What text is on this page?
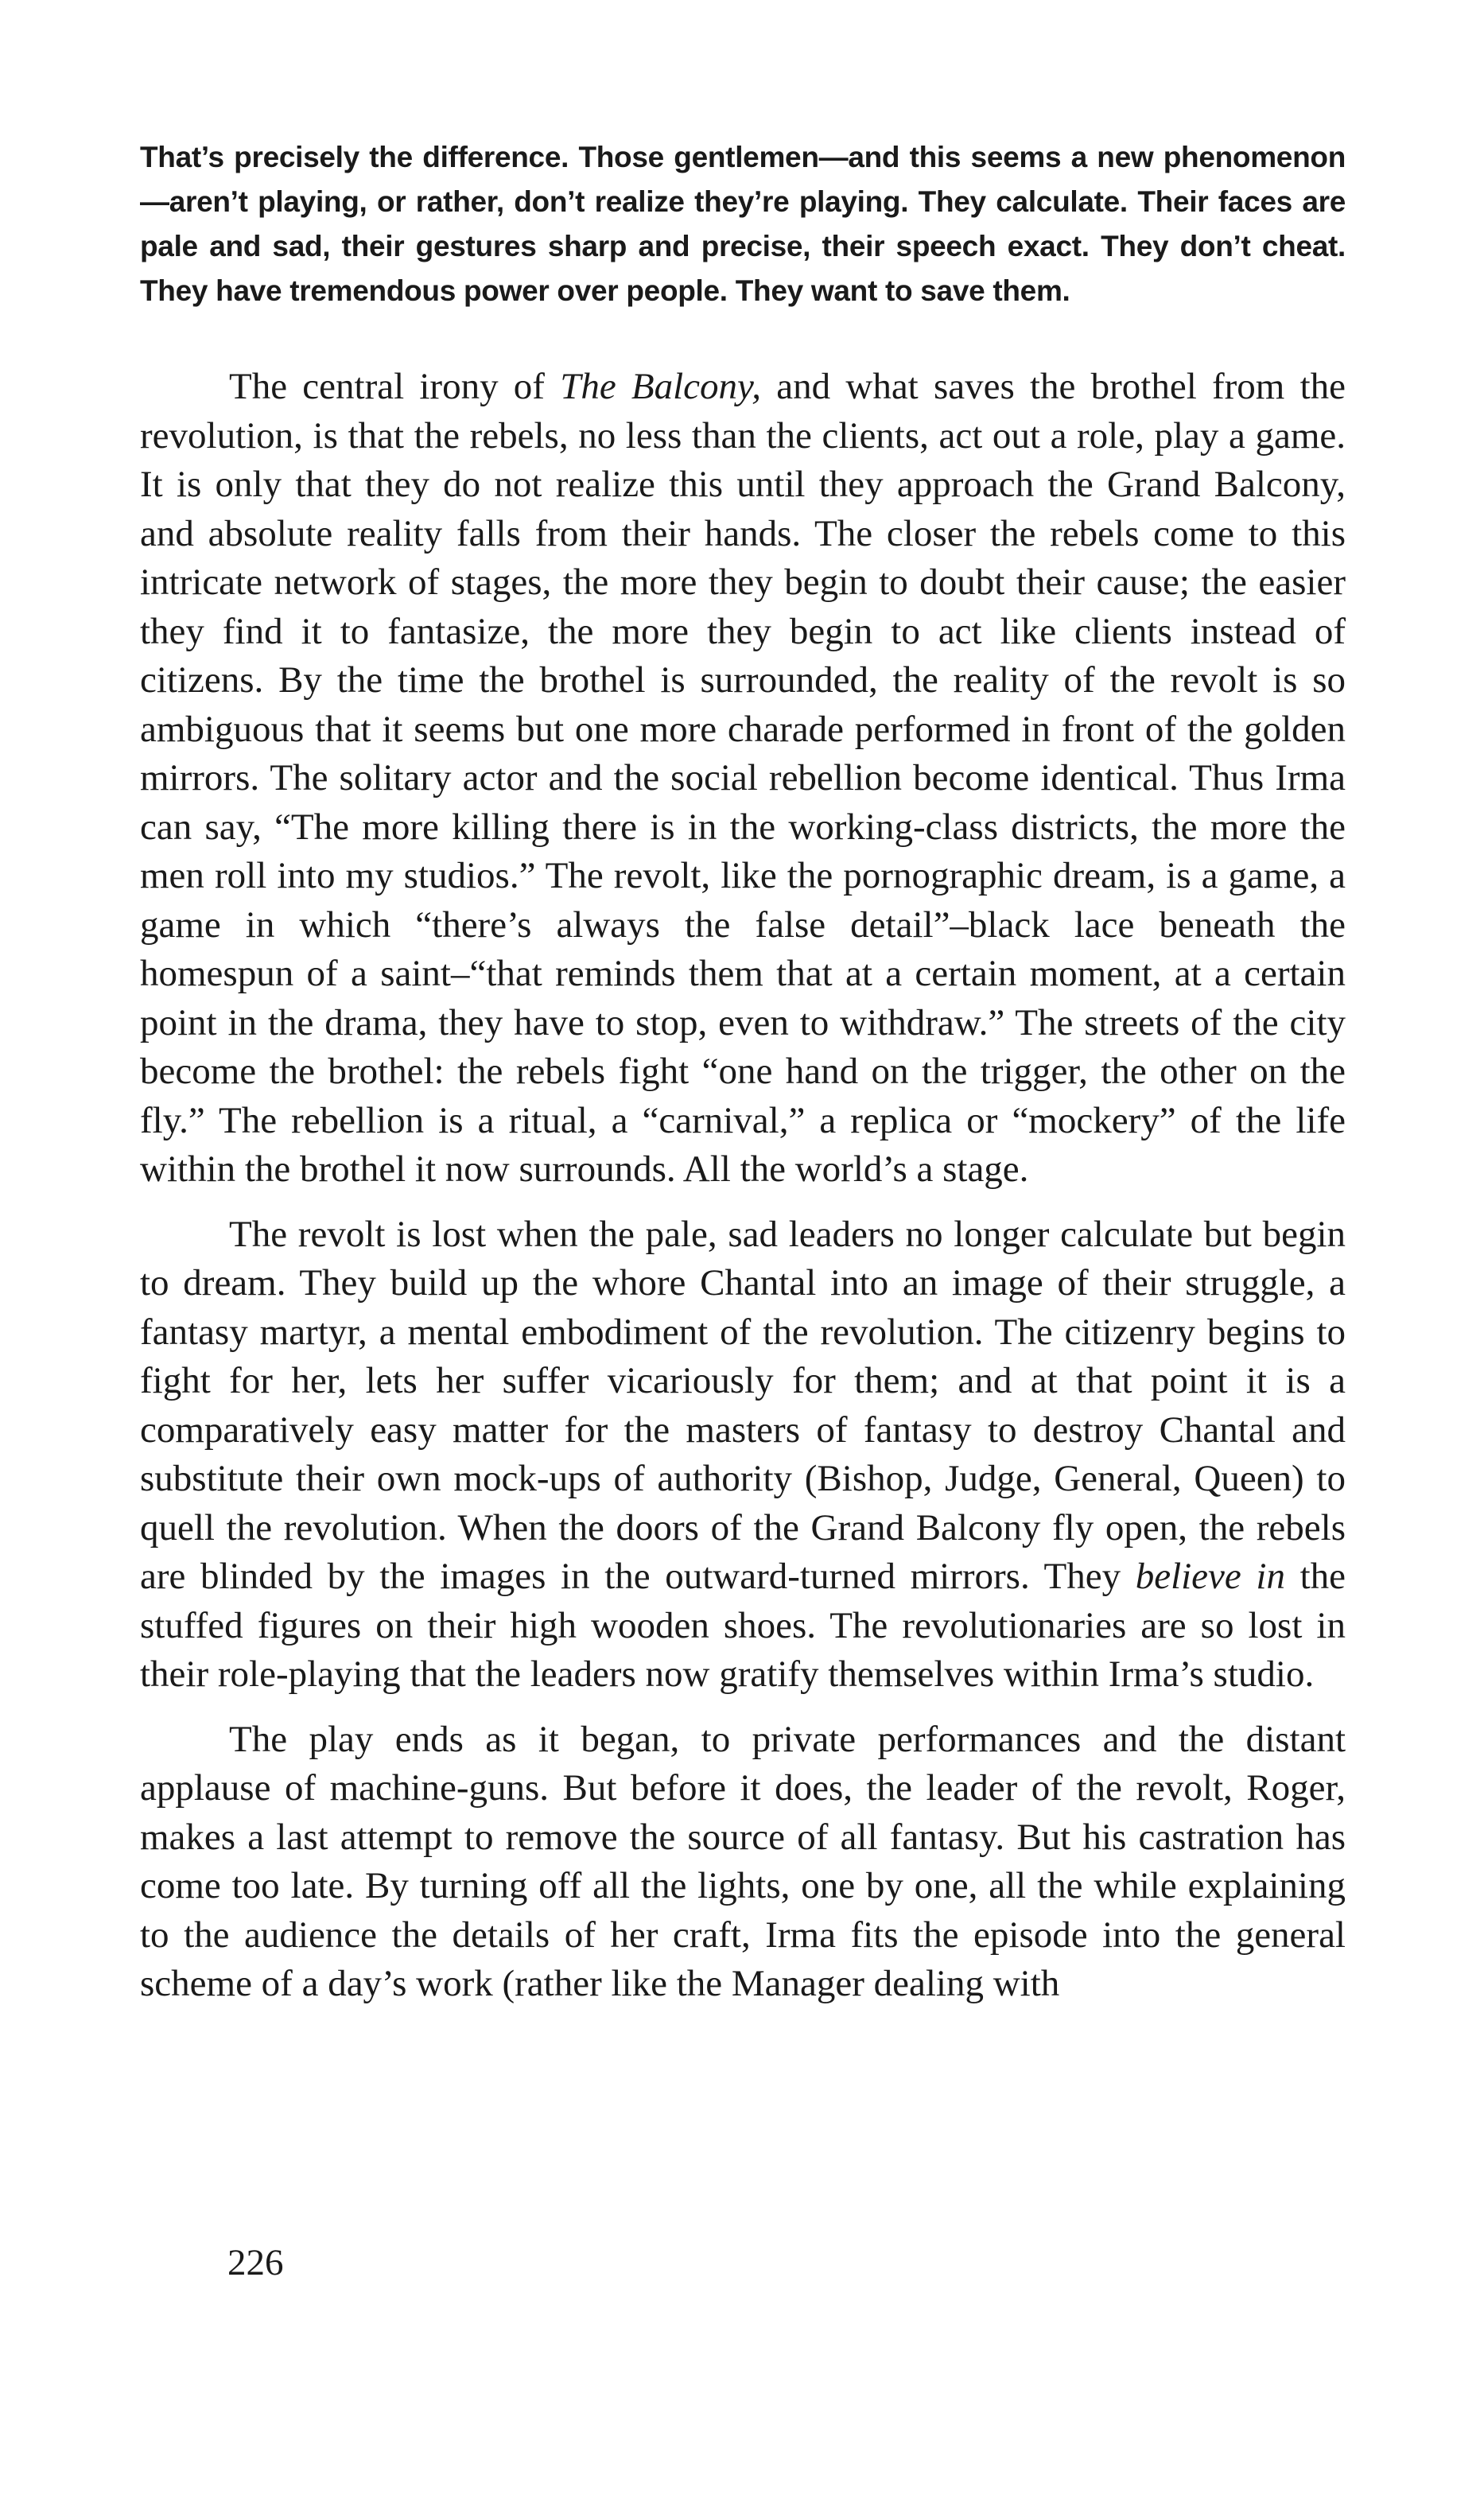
That’s precisely the difference. Those gentlemen—and this seems a new phenomenon —aren’t playing, or rather, don’t realize they’re playing. They calculate. Their faces are pale and sad, their gestures sharp and precise, their speech exact. They don’t cheat. They have tremendous power over people. They want to save them.

The central irony of The Balcony, and what saves the brothel from the revolution, is that the rebels, no less than the clients, act out a role, play a game. It is only that they do not realize this until they approach the Grand Balcony, and absolute reality falls from their hands. The closer the rebels come to this intricate network of stages, the more they begin to doubt their cause; the easier they find it to fantasize, the more they begin to act like clients instead of citizens. By the time the brothel is surrounded, the reality of the revolt is so ambiguous that it seems but one more charade performed in front of the golden mirrors. The solitary actor and the social rebellion become identical. Thus Irma can say, “The more killing there is in the working-class districts, the more the men roll into my studios.” The revolt, like the pornographic dream, is a game, a game in which “there’s always the false detail”–black lace beneath the homespun of a saint–“that reminds them that at a certain moment, at a certain point in the drama, they have to stop, even to withdraw.” The streets of the city become the brothel: the rebels fight “one hand on the trigger, the other on the fly.” The rebellion is a ritual, a “carnival,” a replica or “mockery” of the life within the brothel it now surrounds. All the world’s a stage.

The revolt is lost when the pale, sad leaders no longer calculate but begin to dream. They build up the whore Chantal into an image of their struggle, a fantasy martyr, a mental embodiment of the revolution. The citizenry begins to fight for her, lets her suffer vicariously for them; and at that point it is a comparatively easy matter for the masters of fantasy to destroy Chantal and substitute their own mock-ups of authority (Bishop, Judge, General, Queen) to quell the revolution. When the doors of the Grand Balcony fly open, the rebels are blinded by the images in the outward-turned mirrors. They believe in the stuffed figures on their high wooden shoes. The revolutionaries are so lost in their role-playing that the leaders now gratify themselves within Irma’s studio.

The play ends as it began, to private performances and the distant applause of machine-guns. But before it does, the leader of the revolt, Roger, makes a last attempt to remove the source of all fantasy. But his castration has come too late. By turning off all the lights, one by one, all the while explaining to the audience the details of her craft, Irma fits the episode into the general scheme of a day’s work (rather like the Manager dealing with

226
